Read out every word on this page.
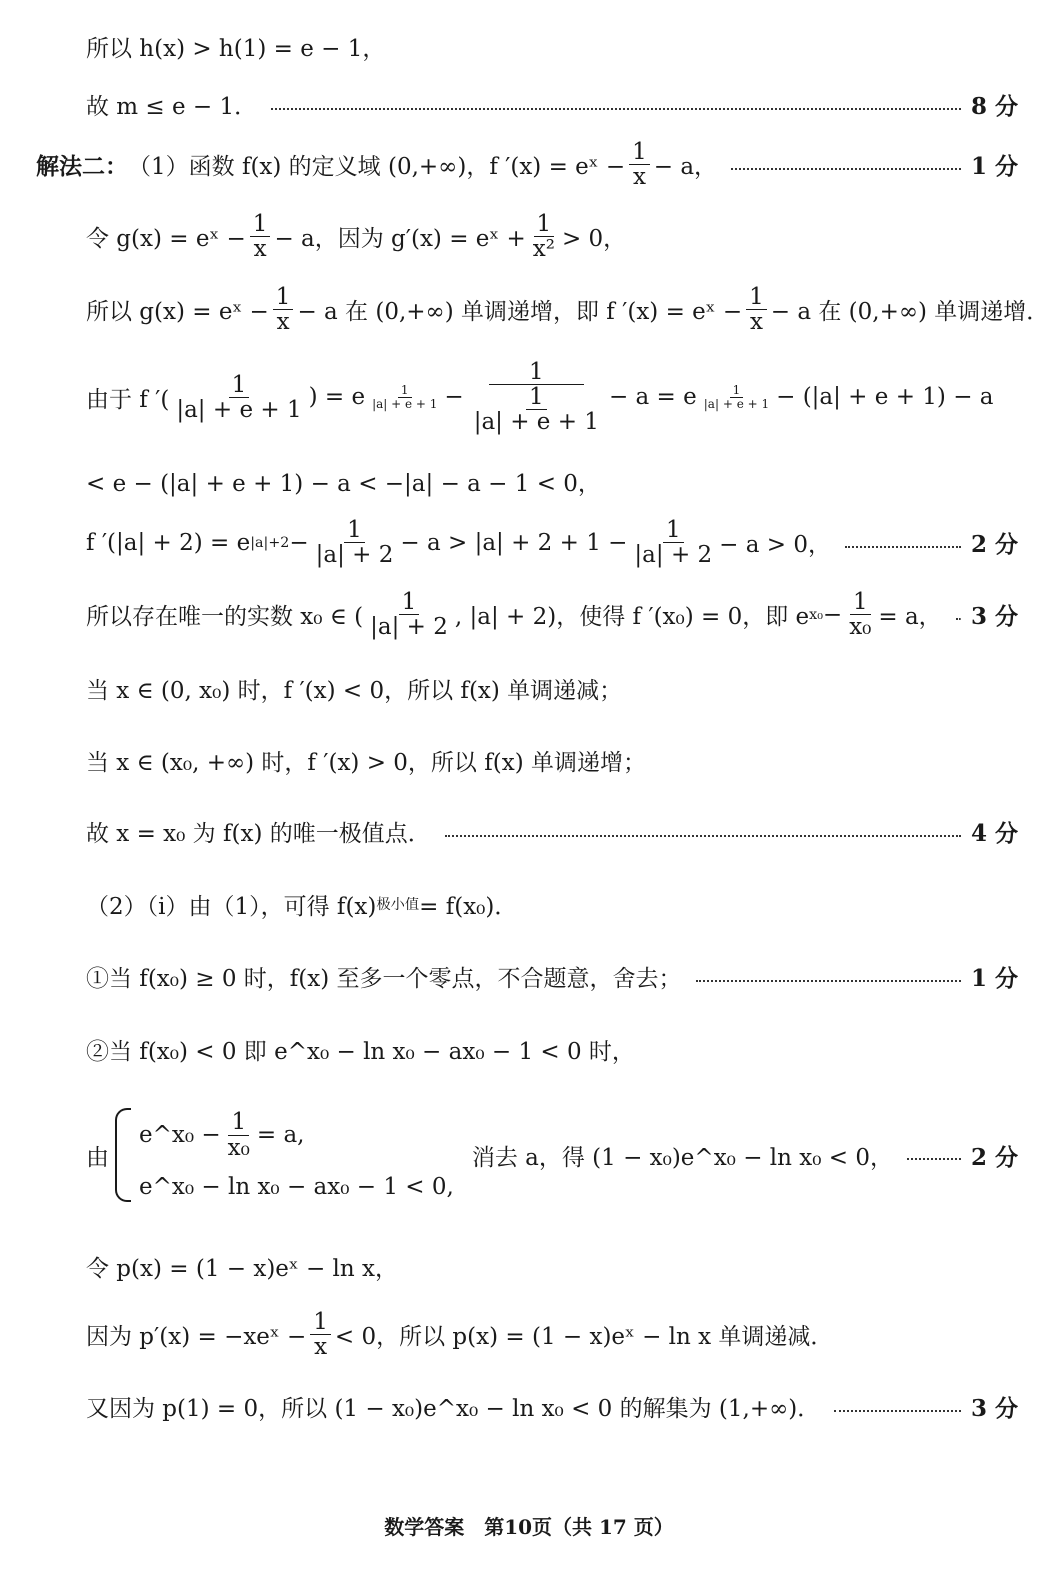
所以 h(x) > h(1) = e − 1，
故 m ≤ e − 1．	8 分
解法二： （1）函数 f(x) 的定义域 (0,+∞)，f ′(x) = eˣ − $\frac{1}{x} - a$，	1 分
令 g(x) = eˣ − $\frac{1}{x} - a$，因为 g′(x) = eˣ + $\frac{1}{\text{x²}} > 0$，
所以 g(x) = eˣ − $\frac{1}{x} - a$ 在 (0,+∞) 单调递增，即 f ′(x) = eˣ − $\frac{1}{x} - a$ 在 (0,+∞) 单调递增．
由于 f ′( $\frac{1}{|a| + e + 1}$ ) = e $\frac{1}{|a| + e + 1} - \frac{1}{\frac{1}{|a| + e + 1}} - a = e \frac{1}{|a| + e + 1} - (|a| + e + 1) - a$
< e − (|a| + e + 1) − a < −|a| − a − 1 < 0，
f ′(|a| + 2) = e $|a|+2 - \frac{1}{|a| + 2} - a > |a| + 2 + 1 - \frac{1}{|a| + 2} - a > 0$，	2 分
所以存在唯一的实数 x₀ ∈ ( $\frac{1}{|a| + 2}$ , |a| + 2)，使得 f ′(x₀) = 0，即 e $x_0 - \frac{1}{\text{x₀}} = a$， 3 分
当 x ∈ (0, x₀) 时，f ′(x) < 0，所以 f(x) 单调递减；
当 x ∈ (x₀, +∞) 时，f ′(x) > 0，所以 f(x) 单调递增；
故 x = x₀ 为 f(x) 的唯一极值点．	4 分
（2）（i）由（1），可得 f(x) 极小值 = f(x₀)．
①当 f(x₀) ≥ 0 时，f(x) 至多一个零点，不合题意，舍去；	1 分
②当 f(x₀) < 0 即 e^x₀ − ln x₀ − ax₀ − 1 < 0 时，
由
e^x₀ − $\frac{1}{\text{x₀}} = a$,
e^x₀ − ln x₀ − ax₀ − 1 < 0,
消去 a，得 (1 − x₀)e^x₀ − ln x₀ < 0，	2 分
令 p(x) = (1 − x)eˣ − ln x，
因为 p′(x) = −xeˣ − $\frac{1}{x} < 0$，所以 p(x) = (1 − x)eˣ − ln x 单调递减．
又因为 p(1) = 0，所以 (1 − x₀)e^x₀ − ln x₀ < 0 的解集为 (1,+∞)．	3 分
数学答案　第10页（共 17 页）
